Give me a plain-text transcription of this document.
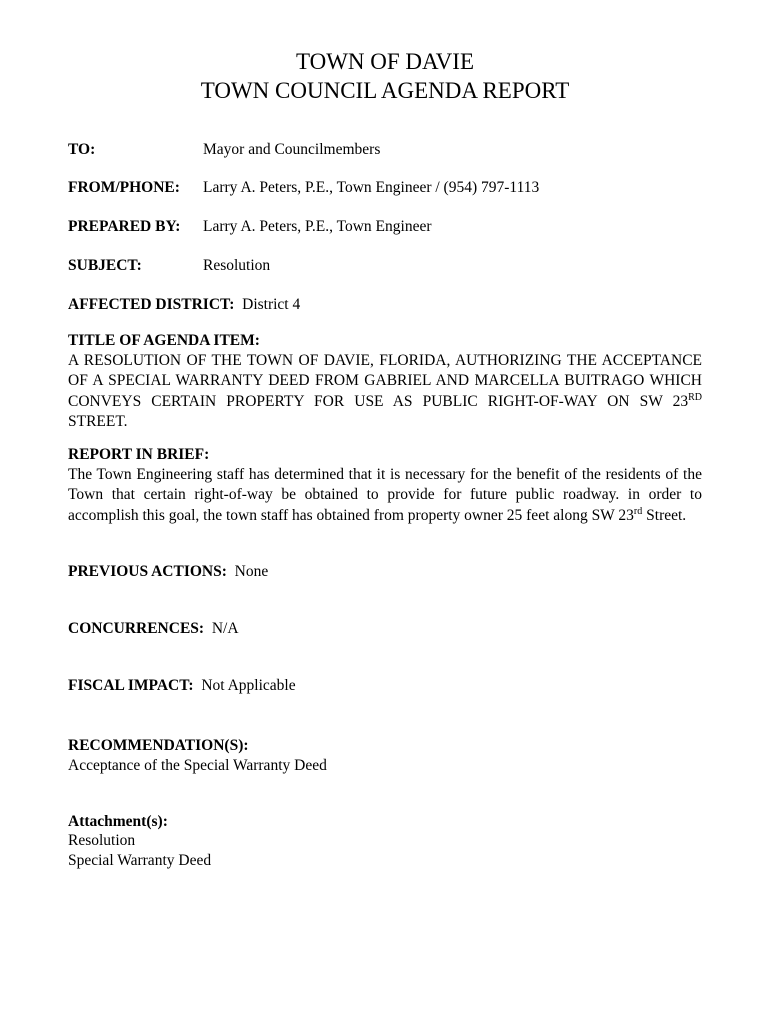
TOWN OF DAVIE
TOWN COUNCIL AGENDA REPORT
TO:	Mayor and Councilmembers
FROM/PHONE: Larry A. Peters, P.E., Town Engineer / (954) 797-1113
PREPARED BY: Larry A. Peters, P.E., Town Engineer
SUBJECT:	Resolution
AFFECTED DISTRICT: District 4
TITLE OF AGENDA ITEM:
A RESOLUTION OF THE TOWN OF DAVIE, FLORIDA, AUTHORIZING THE ACCEPTANCE OF A SPECIAL WARRANTY DEED FROM GABRIEL AND MARCELLA BUITRAGO WHICH CONVEYS CERTAIN PROPERTY FOR USE AS PUBLIC RIGHT-OF-WAY ON SW 23RD STREET.
REPORT IN BRIEF:
The Town Engineering staff has determined that it is necessary for the benefit of the residents of the Town that certain right-of-way be obtained to provide for future public roadway. in order to accomplish this goal, the town staff has obtained from property owner 25 feet along SW 23rd Street.
PREVIOUS ACTIONS: None
CONCURRENCES: N/A
FISCAL IMPACT: Not Applicable
RECOMMENDATION(S):
Acceptance of the Special Warranty Deed
Attachment(s):
Resolution
Special Warranty Deed
